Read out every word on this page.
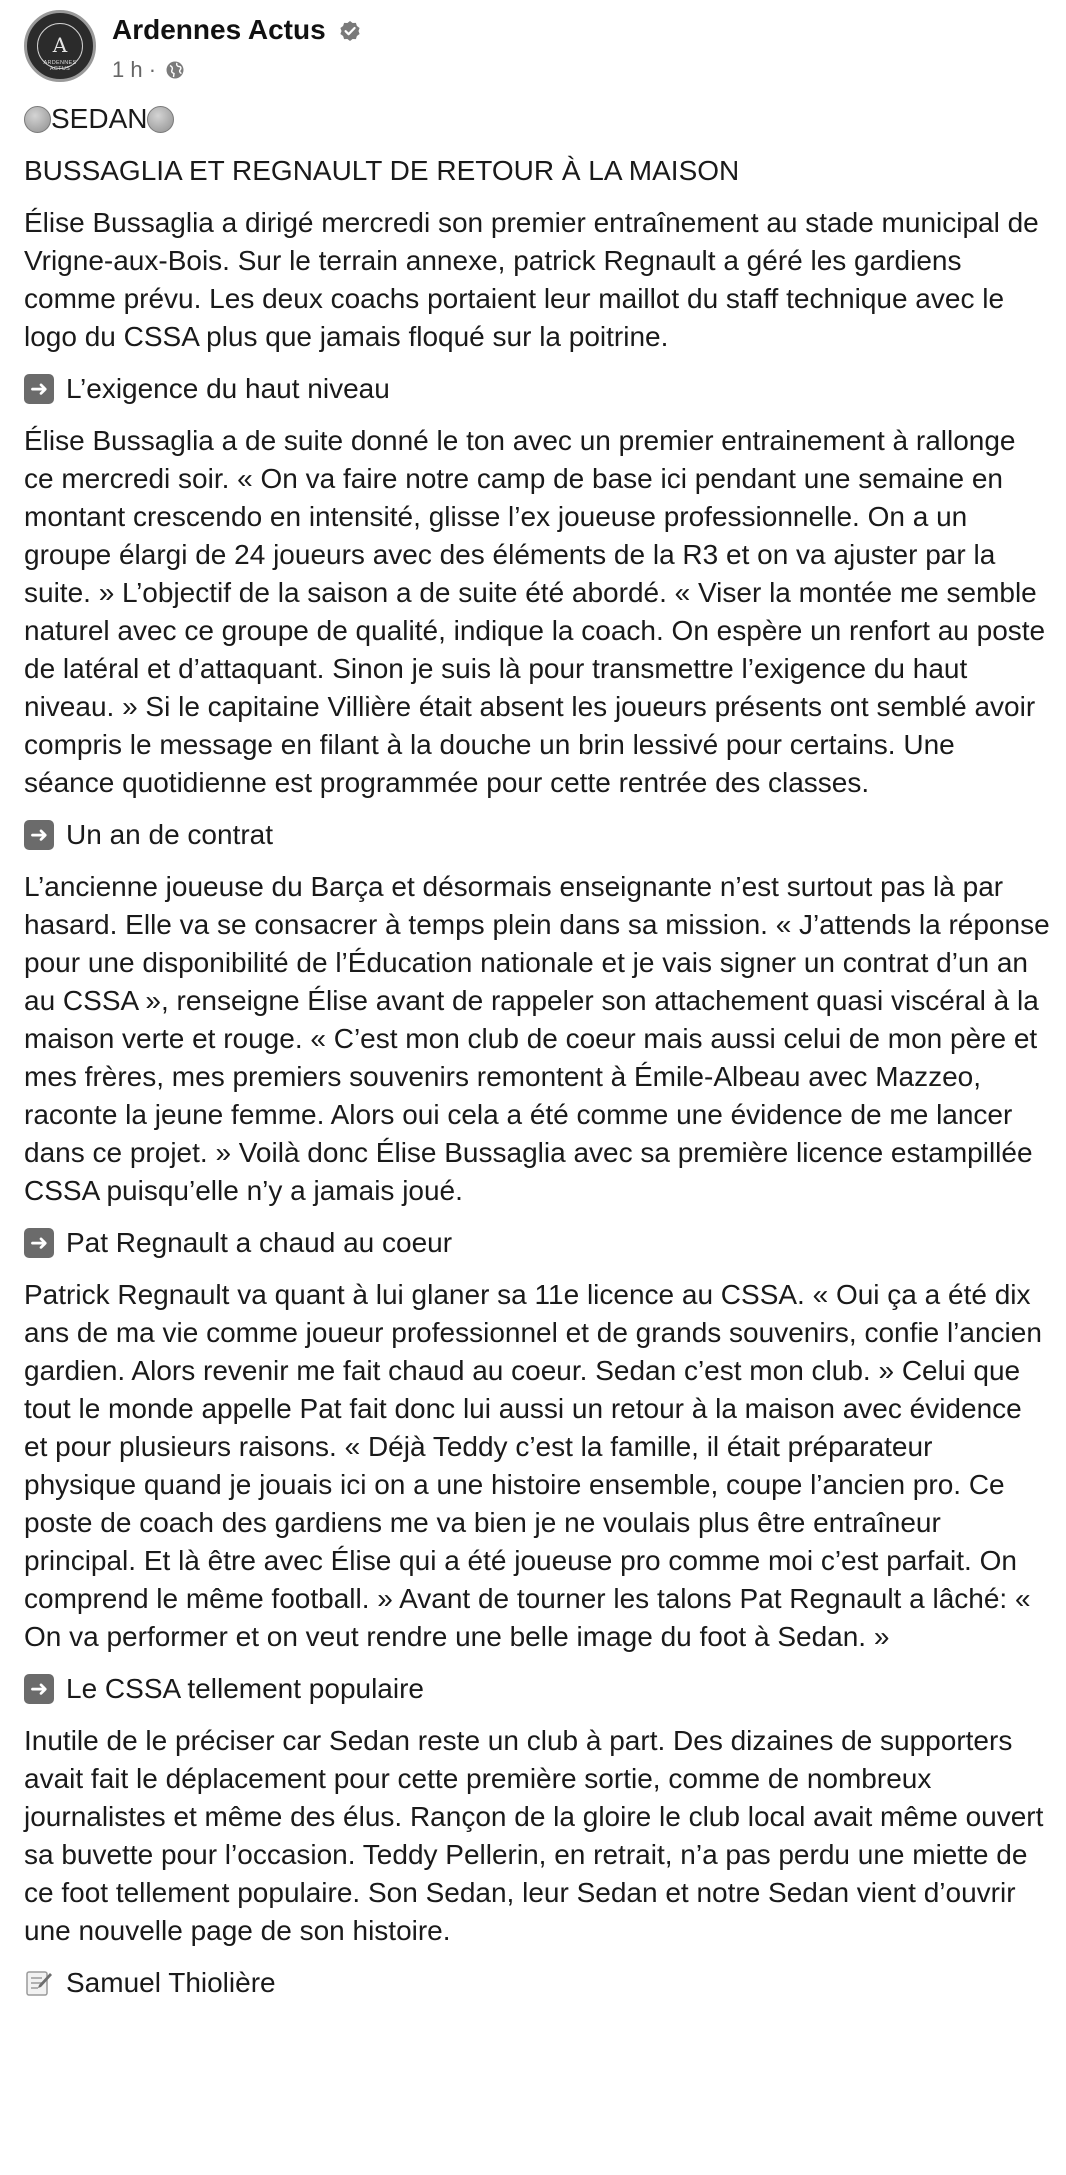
A
ARDENNES ACTUS
Ardennes Actus
1 h ·

SEDAN

BUSSAGLIA ET REGNAULT DE RETOUR À LA MAISON

Élise Bussaglia a dirigé mercredi son premier entraînement au stade municipal de Vrigne-aux-Bois. Sur le terrain annexe, patrick Regnault a géré les gardiens comme prévu. Les deux coachs portaient leur maillot du staff technique avec le logo du CSSA plus que jamais floqué sur la poitrine.

➜ L’exigence du haut niveau

Élise Bussaglia a de suite donné le ton avec un premier entrainement à rallonge ce mercredi soir. « On va faire notre camp de base ici pendant une semaine en montant crescendo en intensité, glisse l’ex joueuse professionnelle. On a un groupe élargi de 24 joueurs avec des éléments de la R3 et on va ajuster par la suite. » L’objectif de la saison a de suite été abordé. « Viser la montée me semble naturel avec ce groupe de qualité, indique la coach. On espère un renfort au poste de latéral et d’attaquant. Sinon je suis là pour transmettre l’exigence du haut niveau. » Si le capitaine Villière était absent les joueurs présents ont semblé avoir compris le message en filant à la douche un brin lessivé pour certains. Une séance quotidienne est programmée pour cette rentrée des classes.

➜ Un an de contrat

L’ancienne joueuse du Barça et désormais enseignante n’est surtout pas là par hasard. Elle va se consacrer à temps plein dans sa mission. « J’attends la réponse pour une disponibilité de l’Éducation nationale et je vais signer un contrat d’un an au CSSA », renseigne Élise avant de rappeler son attachement quasi viscéral à la maison verte et rouge. « C’est mon club de coeur mais aussi celui de mon père et mes frères, mes premiers souvenirs remontent à Émile-Albeau avec Mazzeo, raconte la jeune femme. Alors oui cela a été comme une évidence de me lancer dans ce projet. » Voilà donc Élise Bussaglia avec sa première licence estampillée CSSA puisqu’elle n’y a jamais joué.

➜ Pat Regnault a chaud au coeur

Patrick Regnault va quant à lui glaner sa 11e licence au CSSA. « Oui ça a été dix ans de ma vie comme joueur professionnel et de grands souvenirs, confie l’ancien gardien. Alors revenir me fait chaud au coeur. Sedan c’est mon club. » Celui que tout le monde appelle Pat fait donc lui aussi un retour à la maison avec évidence et pour plusieurs raisons. « Déjà Teddy c’est la famille, il était préparateur physique quand je jouais ici on a une histoire ensemble, coupe l’ancien pro. Ce poste de coach des gardiens me va bien je ne voulais plus être entraîneur principal. Et là être avec Élise qui a été joueuse pro comme moi c’est parfait. On comprend le même football. » Avant de tourner les talons Pat Regnault a lâché: « On va performer et on veut rendre une belle image du foot à Sedan. »

➜ Le CSSA tellement populaire

Inutile de le préciser car Sedan reste un club à part. Des dizaines de supporters avait fait le déplacement pour cette première sortie, comme de nombreux journalistes et même des élus. Rançon de la gloire le club local avait même ouvert sa buvette pour l’occasion. Teddy Pellerin, en retrait, n’a pas perdu une miette de ce foot tellement populaire. Son Sedan, leur Sedan et notre Sedan vient d’ouvrir une nouvelle page de son histoire.

Samuel Thiolière
